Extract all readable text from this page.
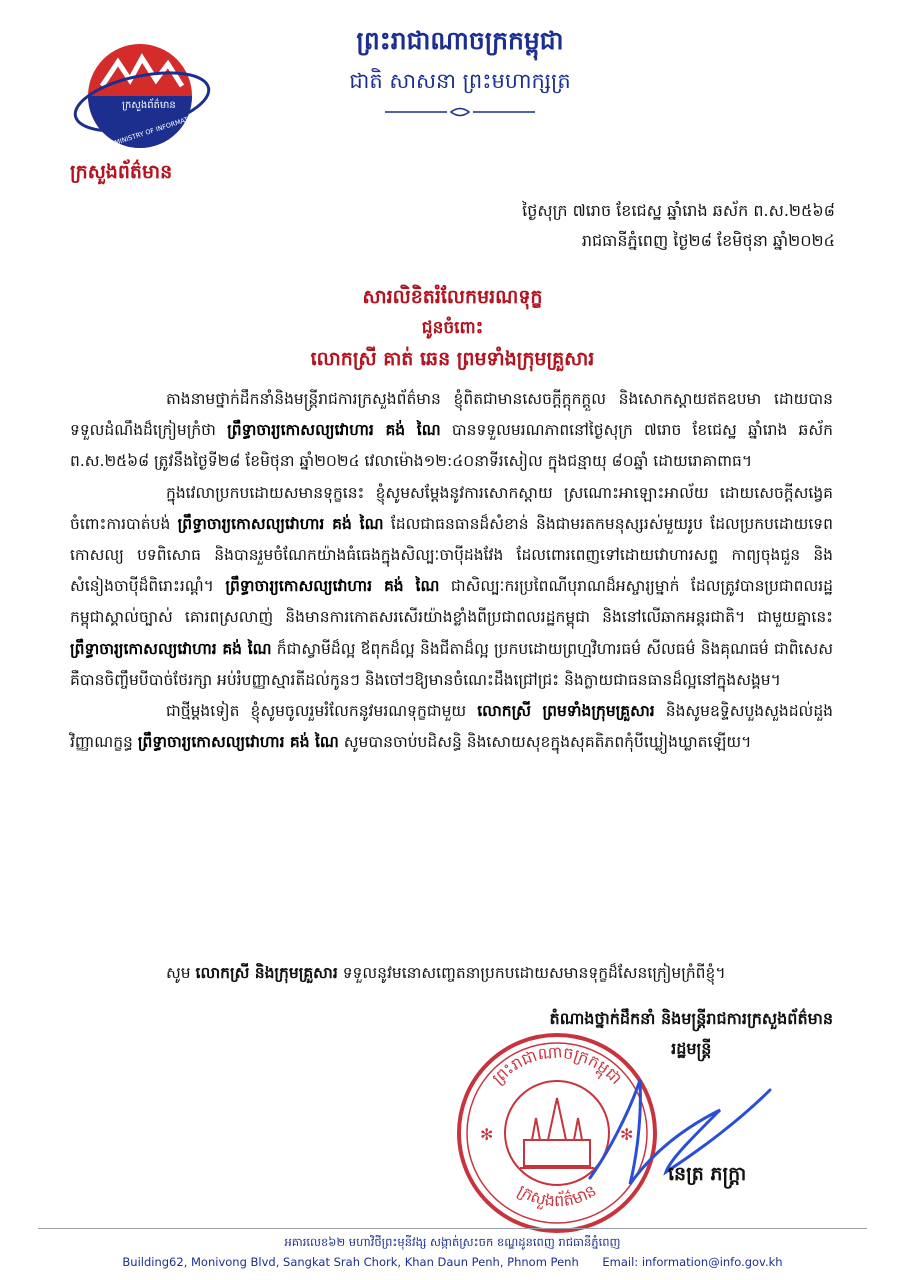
ក្រសួងព័ត៌មាន
MINISTRY OF INFORMATION
ក្រសួងព័ត៌មាន
ព្រះរាជាណាចក្រកម្ពុជា
ជាតិ សាសនា ព្រះមហាក្សត្រ
ថ្ងៃសុក្រ ៧រោច ខែជេស្ឋ ឆ្នាំរោង ឆស័ក ព.ស.២៥៦៨
រាជធានីភ្នំពេញ ថ្ងៃ២៨ ខែមិថុនា ឆ្នាំ២០២៤
សារលិខិតរំលែកមរណទុក្ខ
ជូនចំពោះ
លោកស្រី គាត់ ឆេន ព្រមទាំងក្រុមគ្រួសារ

តាងនាមថ្នាក់ដឹកនាំនិងមន្ត្រីរាជការក្រសួងព័ត៌មាន ខ្ញុំពិតជាមានសេចក្ដីក្ដុកក្ដួល និងសោកស្ដាយឥតឧបមា ដោយបានទទួលដំណឹងដ៏ក្រៀមក្រំថា ព្រឹទ្ធាចារ្យកោសល្យវោហារ គង់ ណៃ បានទទួលមរណភាពនៅថ្ងៃសុក្រ ៧រោច ខែជេស្ឋ ឆ្នាំរោង ឆស័ក ព.ស.២៥៦៨ ត្រូវនឹងថ្ងៃទី២៨ ខែមិថុនា ឆ្នាំ២០២៤ វេលាម៉ោង១២:៤០នាទីរសៀល ក្នុងជន្មាយុ ៨០ឆ្នាំ ដោយរោគាពាធ។

ក្នុងវេលាប្រកបដោយសមានទុក្ខនេះ ខ្ញុំសូមសម្ដែងនូវការសោកស្ដាយ ស្រណោះអាឡោះអាល័យ ដោយសេចក្ដីសង្វេគ ចំពោះការបាត់បង់ ព្រឹទ្ធាចារ្យកោសល្យវោហារ គង់ ណៃ ដែលជាធនធានដ៏សំខាន់ និងជាមរតកមនុស្សរស់មួយរូប ដែលប្រកបដោយទេពកោសល្យ បទពិសោធ និងបានរួមចំណែកយ៉ាងធំធេងក្នុងសិល្បៈចាប៉ីដងវែង ដែលពោរពេញទៅដោយវោហារសព្ទ កាព្យចុងជួន និងសំនៀងចាប៉ីដ៏ពិរោះរណ្ដំ។ ព្រឹទ្ធាចារ្យកោសល្យវោហារ គង់ ណៃ ជាសិល្បៈករប្រពៃណីបុរាណដ៏អស្ចារ្យម្នាក់ ដែលត្រូវបានប្រជាពលរដ្ឋកម្ពុជាស្គាល់ច្បាស់ គោរពស្រលាញ់ និងមានការកោតសរសើរយ៉ាងខ្លាំងពីប្រជាពលរដ្ឋកម្ពុជា និងនៅលើឆាកអន្តរជាតិ។ ជាមួយគ្នានេះ ព្រឹទ្ធាចារ្យកោសល្យវោហារ គង់ ណៃ ក៏ជាស្វាមីដ៏ល្អ ឪពុកដ៏ល្អ និងជីតាដ៏ល្អ ប្រកបដោយព្រហ្មវិហារធម៌ សីលធម៌ និងគុណធម៌ ជាពិសេស គឺបានចិញ្ចឹមបីបាច់ថែរក្សា អប់រំបញ្ញាស្មារតីដល់កូនៗ និងចៅៗឱ្យមានចំណេះដឹងជ្រៅជ្រះ និងក្លាយជាធនធានដ៏ល្អនៅក្នុងសង្គម។

ជាថ្មីម្ដងទៀត ខ្ញុំសូមចូលរួមរំលែកនូវមរណទុក្ខជាមួយ លោកស្រី ព្រមទាំងក្រុមគ្រួសារ និងសូមឧទ្ទិសបួងសួងដល់ដួងវិញ្ញាណក្ខន្ធ ព្រឹទ្ធាចារ្យកោសល្យវោហារ គង់ ណៃ សូមបានចាប់បដិសន្ធិ និងសោយសុខក្នុងសុគតិភពកុំបីឃ្លៀងឃ្លាតឡើយ។

សូម លោកស្រី និងក្រុមគ្រួសារ ទទួលនូវមនោសញ្ចេតនាប្រកបដោយសមានទុក្ខដ៏សែនក្រៀមក្រំពីខ្ញុំ។
តំណាងថ្នាក់ដឹកនាំ និងមន្ត្រីរាជការក្រសួងព័ត៌មាន
រដ្ឋមន្ត្រី
ព្រះរាជាណាចក្រកម្ពុជា
ក្រសួងព័ត៌មាន
✻	✻
នេត្រ ភក្ត្រា
អគារលេខ៦២ មហាវិថីព្រះមុនីវង្ស សង្កាត់ស្រះចក ខណ្ឌដូនពេញ រាជធានីភ្នំពេញ
Building62, Monivong Blvd, Sangkat Srah Chork, Khan Daun Penh, Phnom Penh Email: information@info.gov.kh
